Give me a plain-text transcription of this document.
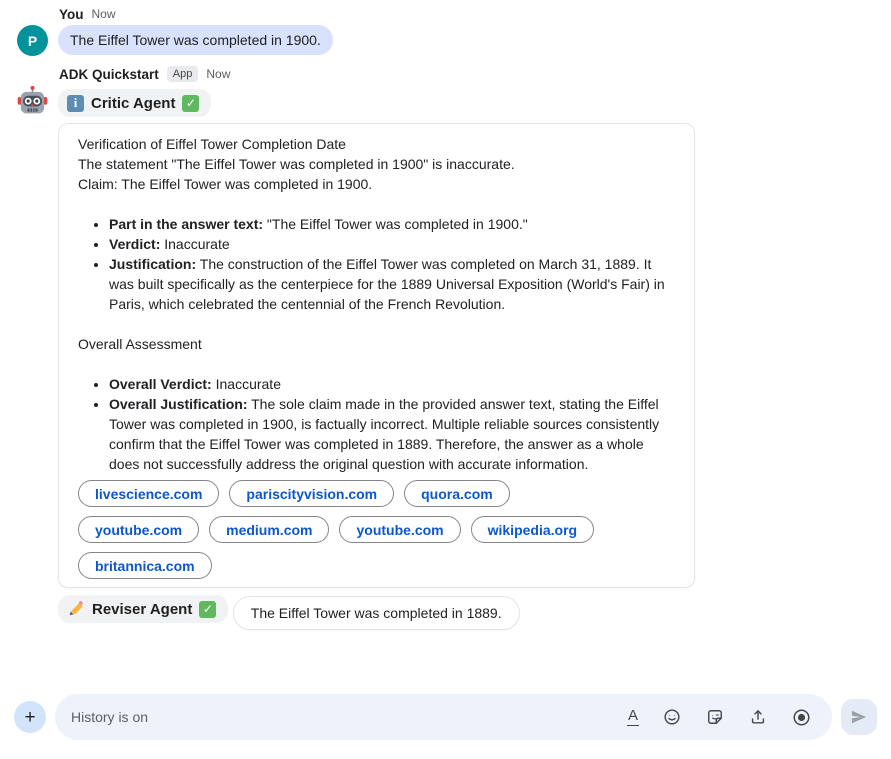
P
You Now
The Eiffel Tower was completed in 1900.
ADK Quickstart	App	Now
i Critic Agent ✓
Verification of Eiffel Tower Completion Date
The statement "The Eiffel Tower was completed in 1900" is inaccurate.
Claim: The Eiffel Tower was completed in 1900.
• Part in the answer text: "The Eiffel Tower was completed in 1900."
• Verdict: Inaccurate
• Justification: The construction of the Eiffel Tower was completed on March 31, 1889. It was built specifically as the centerpiece for the 1889 Universal Exposition (World's Fair) in Paris, which celebrated the centennial of the French Revolution.
Overall Assessment
• Overall Verdict: Inaccurate
• Overall Justification: The sole claim made in the provided answer text, stating the Eiffel Tower was completed in 1900, is factually incorrect. Multiple reliable sources consistently confirm that the Eiffel Tower was completed in 1889. Therefore, the answer as a whole does not successfully address the original question with accurate information.
livescience.com	pariscityvision.com	quora.com
youtube.com	medium.com	youtube.com	wikipedia.org
britannica.com
Reviser Agent ✓	The Eiffel Tower was completed in 1889.
+
History is on	A
